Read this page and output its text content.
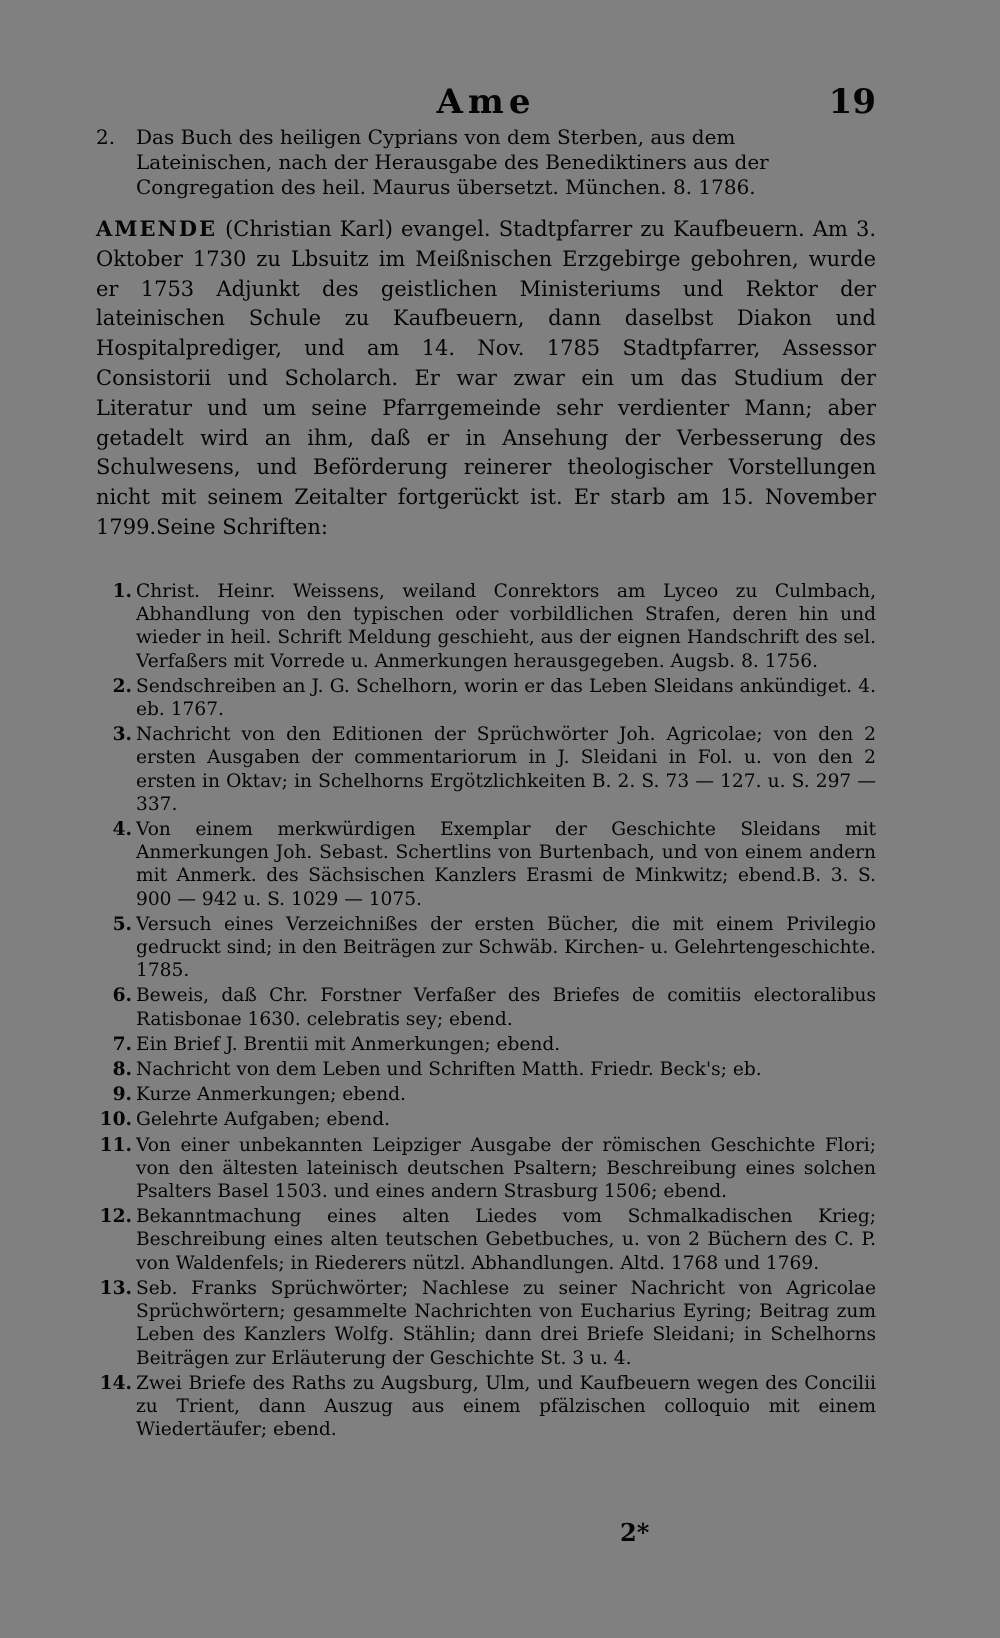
Ame	19
2. Das Buch des heiligen Cyprians von dem Sterben, aus dem Lateinischen, nach der Herausgabe des Benediktiners aus der Congregation des heil. Maurus übersetzt. München. 8. 1786.
AMENDE (Christian Karl) evangel. Stadtpfarrer zu Kaufbeuern. Am 3. Oktober 1730 zu Lbsuitz im Meißnischen Erzgebirge gebohren, wurde er 1753 Adjunkt des geistlichen Ministeriums und Rektor der lateinischen Schule zu Kaufbeuern, dann daselbst Diakon und Hospitalprediger, und am 14. Nov. 1785 Stadtpfarrer, Assessor Consistorii und Scholarch. Er war zwar ein um das Studium der Literatur und um seine Pfarrgemeinde sehr verdienter Mann; aber getadelt wird an ihm, daß er in Ansehung der Verbesserung des Schulwesens, und Beförderung reinerer theologischer Vorstellungen nicht mit seinem Zeitalter fortgerückt ist. Er starb am 15. November 1799.Seine Schriften:
1. Christ. Heinr. Weissens, weiland Conrektors am Lyceo zu Culmbach, Abhandlung von den typischen oder vorbildlichen Strafen, deren hin und wieder in heil. Schrift Meldung geschieht, aus der eignen Handschrift des sel. Verfaßers mit Vorrede u. Anmerkungen herausgegeben. Augsb. 8. 1756.
2. Sendschreiben an J. G. Schelhorn, worin er das Leben Sleidans ankündiget. 4. eb. 1767.
3. Nachricht von den Editionen der Sprüchwörter Joh. Agricolae; von den 2 ersten Ausgaben der commentariorum in J. Sleidani in Fol. u. von den 2 ersten in Oktav; in Schelhorns Ergötzlichkeiten B. 2. S. 73 — 127. u. S. 297 — 337.
4. Von einem merkwürdigen Exemplar der Geschichte Sleidans mit Anmerkungen Joh. Sebast. Schertlins von Burtenbach, und von einem andern mit Anmerk. des Sächsischen Kanzlers Erasmi de Minkwitz; ebend.B. 3. S. 900 — 942 u. S. 1029 — 1075.
5. Versuch eines Verzeichnißes der ersten Bücher, die mit einem Privilegio gedruckt sind; in den Beiträgen zur Schwäb. Kirchen- u. Gelehrtengeschichte. 1785.
6. Beweis, daß Chr. Forstner Verfaßer des Briefes de comitiis electoralibus Ratisbonae 1630. celebratis sey; ebend.
7. Ein Brief J. Brentii mit Anmerkungen; ebend.
8. Nachricht von dem Leben und Schriften Matth. Friedr. Beck's; eb.
9. Kurze Anmerkungen; ebend.
10. Gelehrte Aufgaben; ebend.
11. Von einer unbekannten Leipziger Ausgabe der römischen Geschichte Flori; von den ältesten lateinisch deutschen Psaltern; Beschreibung eines solchen Psalters Basel 1503. und eines andern Strasburg 1506; ebend.
12. Bekanntmachung eines alten Liedes vom Schmalkadischen Krieg; Beschreibung eines alten teutschen Gebetbuches, u. von 2 Büchern des C. P. von Waldenfels; in Riederers nützl. Abhandlungen. Altd. 1768 und 1769.
13. Seb. Franks Sprüchwörter; Nachlese zu seiner Nachricht von Agricolae Sprüchwörtern; gesammelte Nachrichten von Eucharius Eyring; Beitrag zum Leben des Kanzlers Wolfg. Stählin; dann drei Briefe Sleidani; in Schelhorns Beiträgen zur Erläuterung der Geschichte St. 3 u. 4.
14. Zwei Briefe des Raths zu Augsburg, Ulm, und Kaufbeuern wegen des Concilii zu Trient, dann Auszug aus einem pfälzischen colloquio mit einem Wiedertäufer; ebend.
2*
